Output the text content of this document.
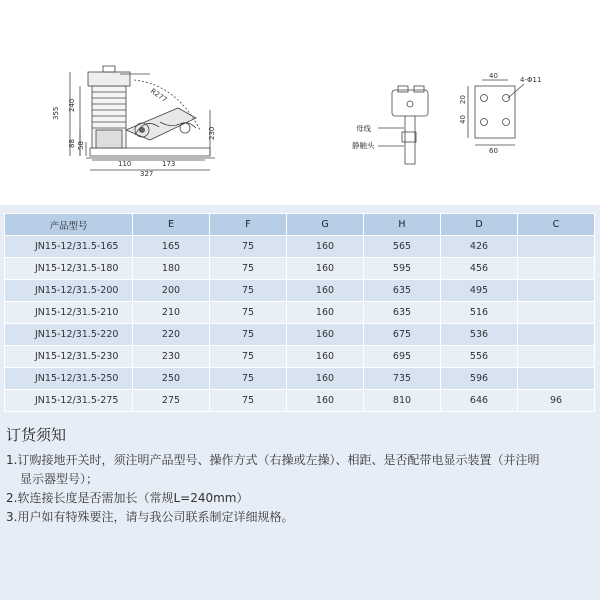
355
240
88 58
110	173
327
230
R277
母线
静触头
40	4-Φ11
20
40
60
产品型号	E	F	G	H	D	C
JN15-12/31.5-165	165	75	160	565	426	
JN15-12/31.5-180	180	75	160	595	456	
JN15-12/31.5-200	200	75	160	635	495	
JN15-12/31.5-210	210	75	160	635	516	
JN15-12/31.5-220	220	75	160	675	536	
JN15-12/31.5-230	230	75	160	695	556	
JN15-12/31.5-250	250	75	160	735	596	
JN15-12/31.5-275	275	75	160	810	646	96
订货须知

1.订购接地开关时，须注明产品型号、操作方式（右操或左操）、相距、是否配带电显示装置（并注明

显示器型号）；

2.软连接长度是否需加长（常规L=240mm）

3.用户如有特殊要注，请与我公司联系制定详细规格。
